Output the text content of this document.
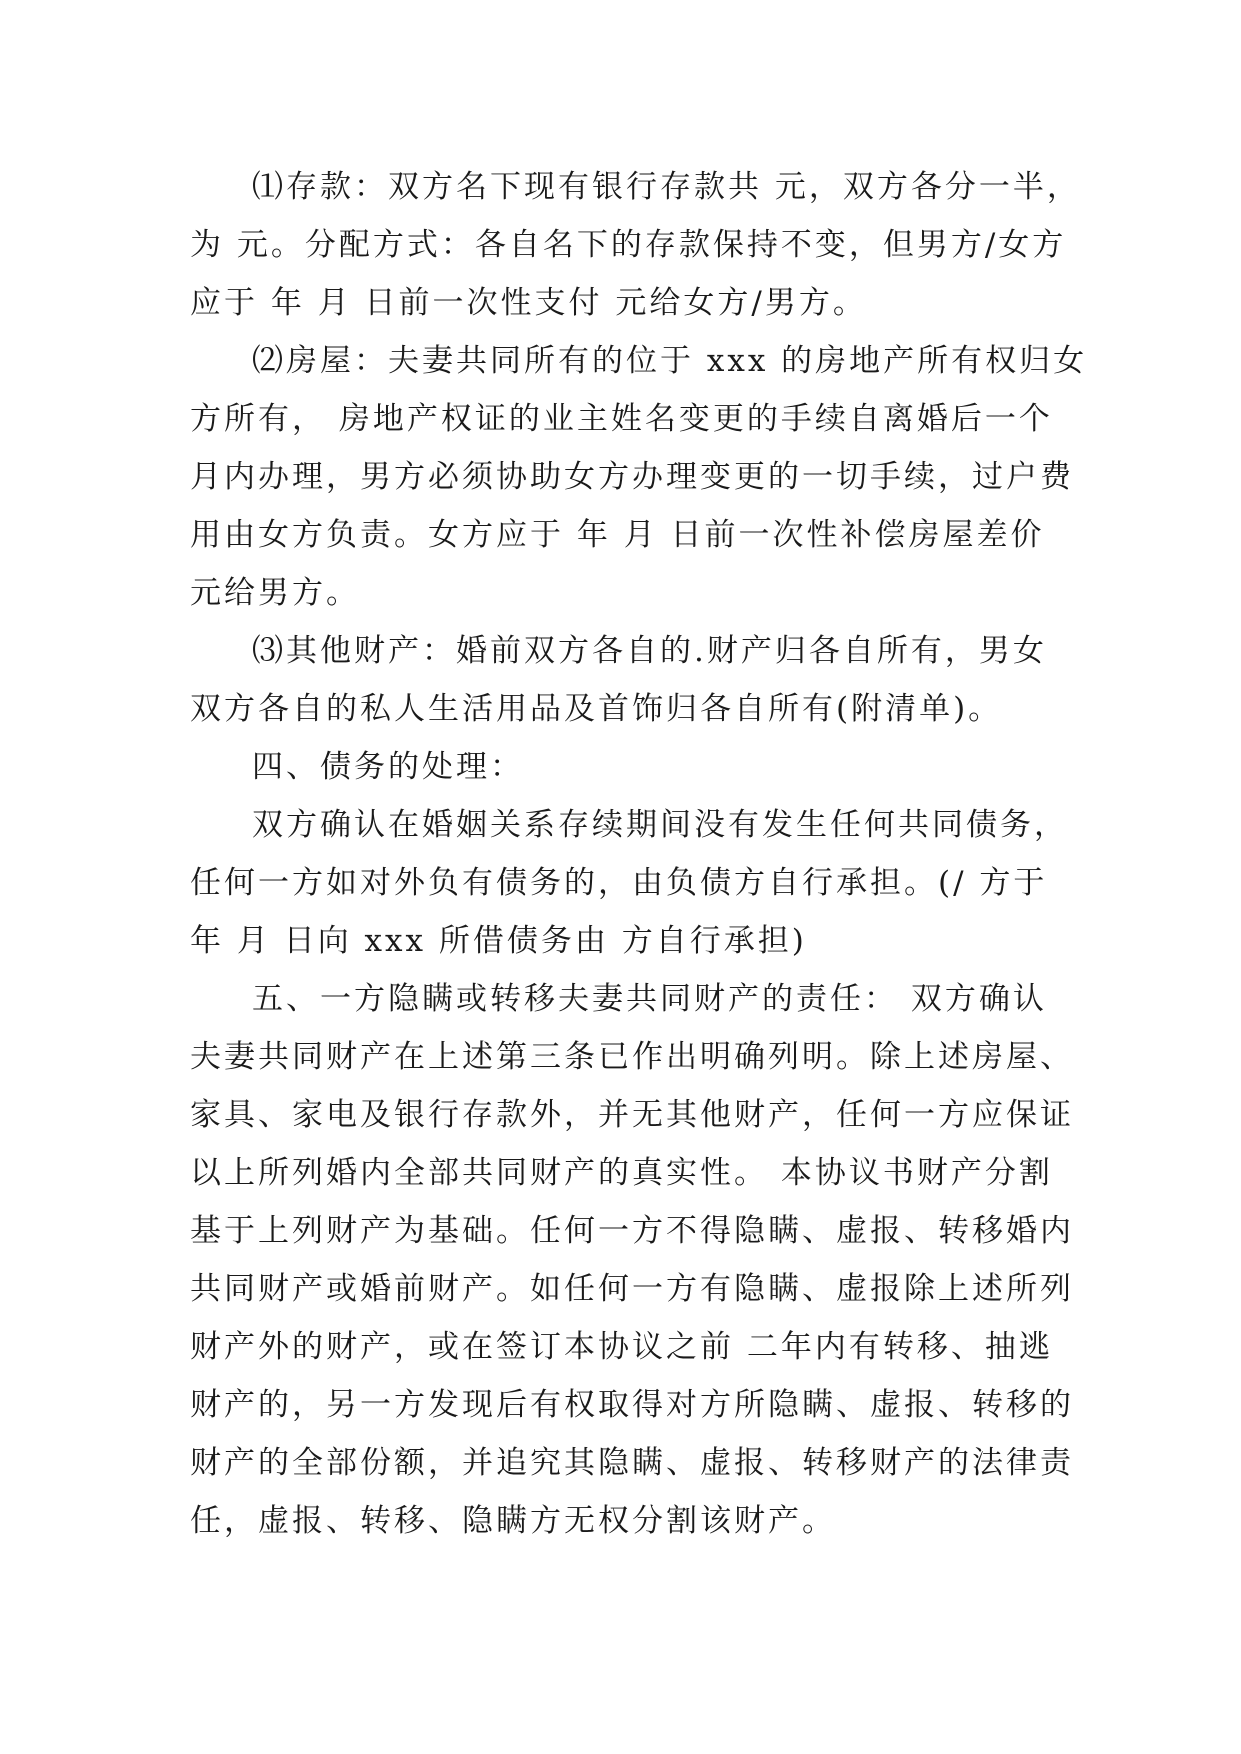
⑴存款：双方名下现有银行存款共 元，双方各分一半，
为 元。分配方式：各自名下的存款保持不变，但男方/女方
应于 年 月 日前一次性支付 元给女方/男方。
⑵房屋：夫妻共同所有的位于 xxx 的房地产所有权归女
方所有， 房地产权证的业主姓名变更的手续自离婚后一个
月内办理，男方必须协助女方办理变更的一切手续，过户费
用由女方负责。女方应于 年 月 日前一次性补偿房屋差价
元给男方。
⑶其他财产：婚前双方各自的.财产归各自所有，男女
双方各自的私人生活用品及首饰归各自所有(附清单)。
四、债务的处理：
双方确认在婚姻关系存续期间没有发生任何共同债务，
任何一方如对外负有债务的，由负债方自行承担。(/ 方于
年 月 日向 xxx 所借债务由 方自行承担)
五、一方隐瞒或转移夫妻共同财产的责任： 双方确认
夫妻共同财产在上述第三条已作出明确列明。除上述房屋、
家具、家电及银行存款外，并无其他财产，任何一方应保证
以上所列婚内全部共同财产的真实性。 本协议书财产分割
基于上列财产为基础。任何一方不得隐瞒、虚报、转移婚内
共同财产或婚前财产。如任何一方有隐瞒、虚报除上述所列
财产外的财产，或在签订本协议之前 二年内有转移、抽逃
财产的，另一方发现后有权取得对方所隐瞒、虚报、转移的
财产的全部份额，并追究其隐瞒、虚报、转移财产的法律责
任，虚报、转移、隐瞒方无权分割该财产。
